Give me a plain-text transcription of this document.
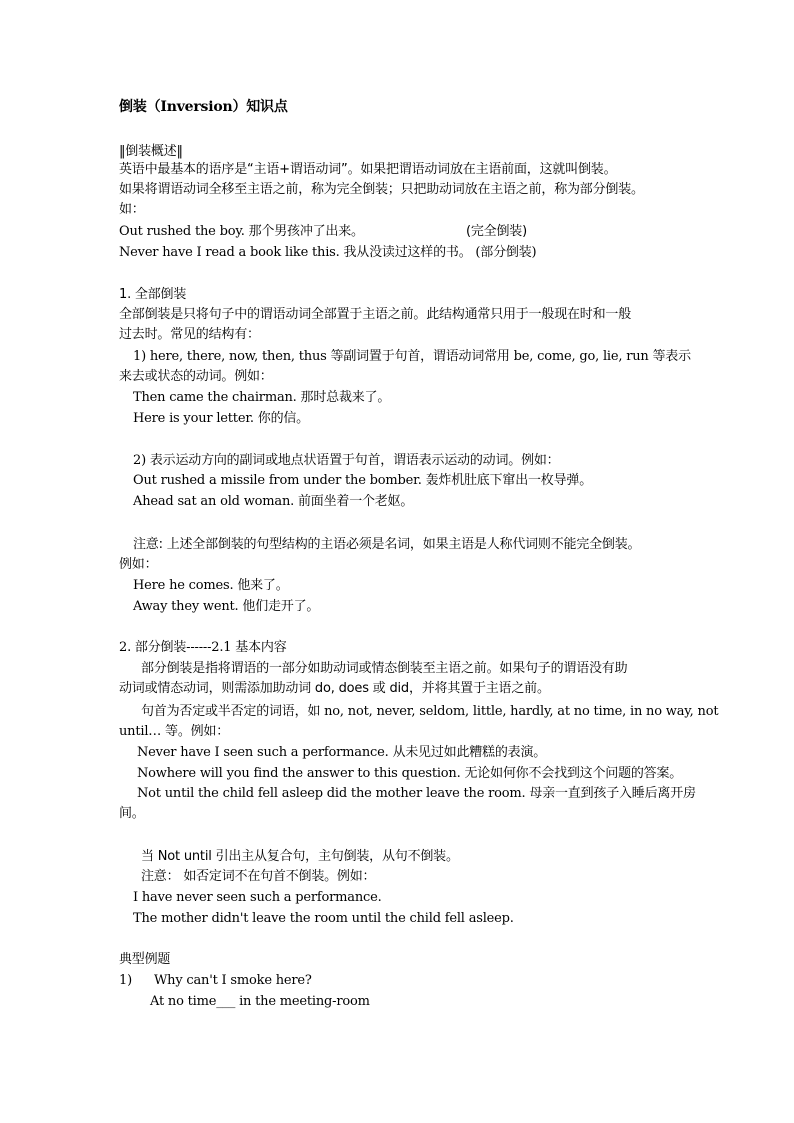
倒装（Inversion）知识点
‖倒装概述‖
英语中最基本的语序是“主语+谓语动词”。如果把谓语动词放在主语前面，这就叫倒装。
如果将谓语动词全移至主语之前，称为完全倒装；只把助动词放在主语之前，称为部分倒装。
如：
Out rushed the boy. 那个男孩冲了出来。	(完全倒装)
Never have I read a book like this. 我从没读过这样的书。 (部分倒装)
1. 全部倒装
全部倒装是只将句子中的谓语动词全部置于主语之前。此结构通常只用于一般现在时和一般
过去时。常见的结构有：
1) here, there, now, then, thus 等副词置于句首，谓语动词常用 be, come, go, lie, run 等表示
来去或状态的动词。例如：
Then came the chairman. 那时总裁来了。
Here is your letter. 你的信。
2) 表示运动方向的副词或地点状语置于句首，谓语表示运动的动词。例如：
Out rushed a missile from under the bomber. 轰炸机肚底下窜出一枚导弹。
Ahead sat an old woman. 前面坐着一个老妪。
注意: 上述全部倒装的句型结构的主语必须是名词，如果主语是人称代词则不能完全倒装。
例如：
Here he comes. 他来了。
Away they went. 他们走开了。
2. 部分倒装------2.1 基本内容
部分倒装是指将谓语的一部分如助动词或情态倒装至主语之前。如果句子的谓语没有助
动词或情态动词，则需添加助动词 do, does 或 did，并将其置于主语之前。
句首为否定或半否定的词语，如 no, not, never, seldom, little, hardly, at no time, in no way, not
until… 等。例如：
Never have I seen such a performance. 从未见过如此糟糕的表演。
Nowhere will you find the answer to this question. 无论如何你不会找到这个问题的答案。
Not until the child fell asleep did the mother leave the room. 母亲一直到孩子入睡后离开房
间。
当 Not until 引出主从复合句，主句倒装，从句不倒装。
注意： 如否定词不在句首不倒装。例如：
I have never seen such a performance.
The mother didn't leave the room until the child fell asleep.
典型例题
1) Why can't I smoke here?
At no time___ in the meeting-room
